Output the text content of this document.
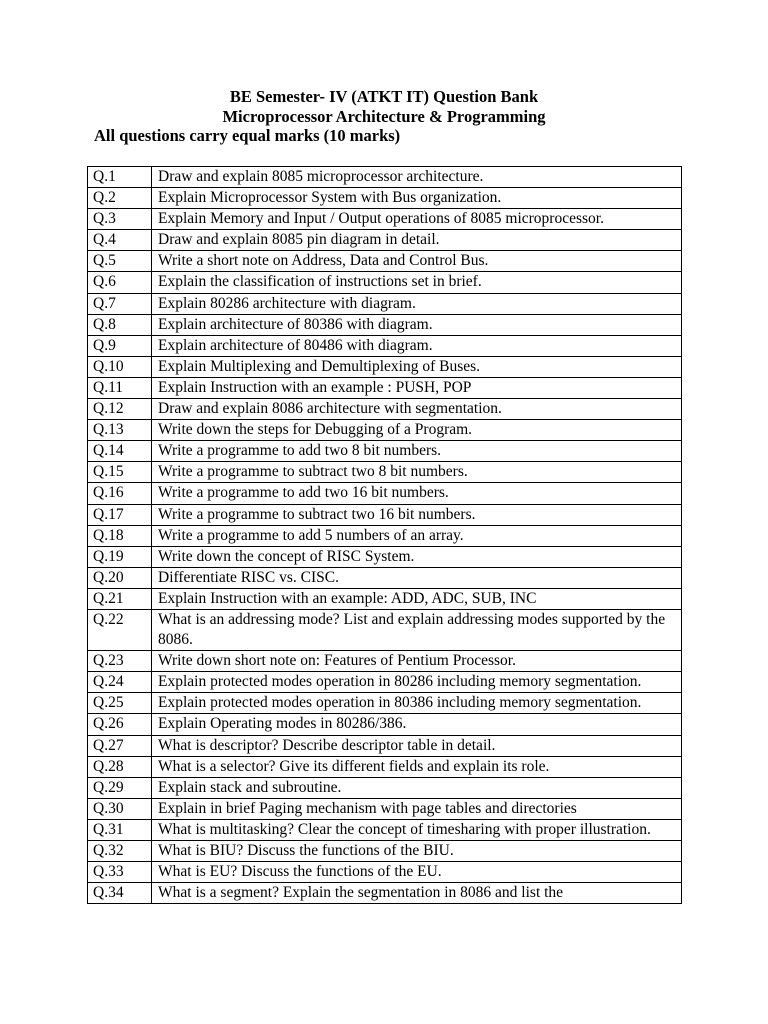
BE Semester- IV (ATKT IT) Question Bank
Microprocessor Architecture & Programming
All questions carry equal marks (10 marks)
Q.1	Draw and explain 8085 microprocessor architecture.
Q.2	Explain Microprocessor System with Bus organization.
Q.3	Explain Memory and Input / Output operations of 8085 microprocessor.
Q.4	Draw and explain 8085 pin diagram in detail.
Q.5	Write a short note on Address, Data and Control Bus.
Q.6	Explain the classification of instructions set in brief.
Q.7	Explain 80286 architecture with diagram.
Q.8	Explain architecture of 80386 with diagram.
Q.9	Explain architecture of 80486 with diagram.
Q.10	Explain Multiplexing and Demultiplexing of Buses.
Q.11	Explain Instruction with an example : PUSH, POP
Q.12	Draw and explain 8086 architecture with segmentation.
Q.13	Write down the steps for Debugging of a Program.
Q.14	Write a programme to add two 8 bit numbers.
Q.15	Write a programme to subtract two 8 bit numbers.
Q.16	Write a programme to add two 16 bit numbers.
Q.17	Write a programme to subtract two 16 bit numbers.
Q.18	Write a programme to add 5 numbers of an array.
Q.19	Write down the concept of RISC System.
Q.20	Differentiate RISC vs. CISC.
Q.21	Explain Instruction with an example: ADD, ADC, SUB, INC
Q.22	What is an addressing mode? List and explain addressing modes supported by the 8086.
Q.23	Write down short note on: Features of Pentium Processor.
Q.24	Explain protected modes operation in 80286 including memory segmentation.
Q.25	Explain protected modes operation in 80386 including memory segmentation.
Q.26	Explain Operating modes in 80286/386.
Q.27	What is descriptor? Describe descriptor table in detail.
Q.28	What is a selector? Give its different fields and explain its role.
Q.29	Explain stack and subroutine.
Q.30	Explain in brief Paging mechanism with page tables and directories
Q.31	What is multitasking? Clear the concept of timesharing with proper illustration.
Q.32	What is BIU? Discuss the functions of the BIU.
Q.33	What is EU? Discuss the functions of the EU.
Q.34	What is a segment? Explain the segmentation in 8086 and list the
